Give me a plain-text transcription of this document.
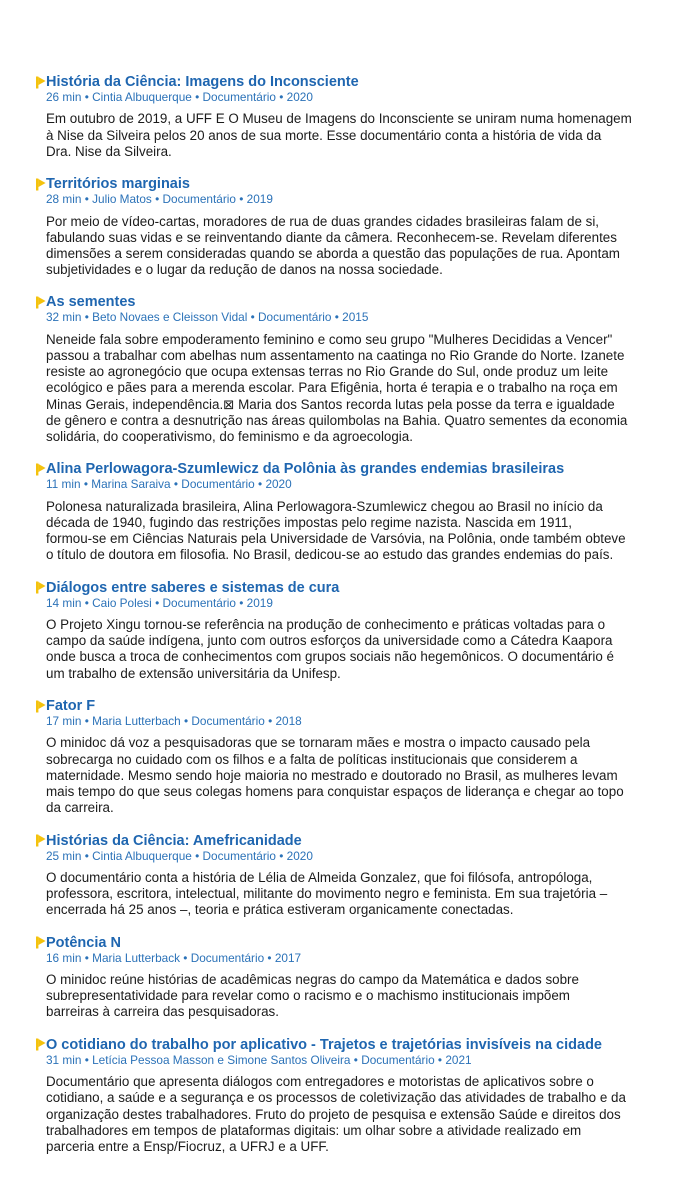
História da Ciência: Imagens do Inconsciente
26 min • Cintia Albuquerque • Documentário • 2020
Em outubro de 2019, a UFF E O Museu de Imagens do Inconsciente se uniram numa homenagem
à Nise da Silveira pelos 20 anos de sua morte. Esse documentário conta a história de vida da
Dra. Nise da Silveira.
Territórios marginais
28 min • Julio Matos • Documentário • 2019
Por meio de vídeo-cartas, moradores de rua de duas grandes cidades brasileiras falam de si,
fabulando suas vidas e se reinventando diante da câmera. Reconhecem-se. Revelam diferentes
dimensões a serem consideradas quando se aborda a questão das populações de rua. Apontam
subjetividades e o lugar da redução de danos na nossa sociedade.
As sementes
32 min • Beto Novaes e Cleisson Vidal • Documentário • 2015
Neneide fala sobre empoderamento feminino e como seu grupo "Mulheres Decididas a Vencer"
passou a trabalhar com abelhas num assentamento na caatinga no Rio Grande do Norte. Izanete
resiste ao agronegócio que ocupa extensas terras no Rio Grande do Sul, onde produz um leite
ecológico e pães para a merenda escolar. Para Efigênia, horta é terapia e o trabalho na roça em
Minas Gerais, independência.⊠ Maria dos Santos recorda lutas pela posse da terra e igualdade
de gênero e contra a desnutrição nas áreas quilombolas na Bahia. Quatro sementes da economia
solidária, do cooperativismo, do feminismo e da agroecologia.
Alina Perlowagora-Szumlewicz da Polônia às grandes endemias brasileiras
11 min • Marina Saraiva • Documentário • 2020
Polonesa naturalizada brasileira, Alina Perlowagora-Szumlewicz chegou ao Brasil no início da
década de 1940, fugindo das restrições impostas pelo regime nazista. Nascida em 1911,
formou-se em Ciências Naturais pela Universidade de Varsóvia, na Polônia, onde também obteve
o título de doutora em filosofia. No Brasil, dedicou-se ao estudo das grandes endemias do país.
Diálogos entre saberes e sistemas de cura
14 min • Caio Polesi • Documentário • 2019
O Projeto Xingu tornou-se referência na produção de conhecimento e práticas voltadas para o
campo da saúde indígena, junto com outros esforços da universidade como a Cátedra Kaapora
onde busca a troca de conhecimentos com grupos sociais não hegemônicos. O documentário é
um trabalho de extensão universitária da Unifesp.
Fator F
17 min • Maria Lutterbach • Documentário • 2018
O minidoc dá voz a pesquisadoras que se tornaram mães e mostra o impacto causado pela
sobrecarga no cuidado com os filhos e a falta de políticas institucionais que considerem a
maternidade. Mesmo sendo hoje maioria no mestrado e doutorado no Brasil, as mulheres levam
mais tempo do que seus colegas homens para conquistar espaços de liderança e chegar ao topo
da carreira.
Histórias da Ciência: Amefricanidade
25 min • Cintia Albuquerque • Documentário • 2020
O documentário conta a história de Lélia de Almeida Gonzalez, que foi filósofa, antropóloga,
professora, escritora, intelectual, militante do movimento negro e feminista. Em sua trajetória –
encerrada há 25 anos –, teoria e prática estiveram organicamente conectadas.
Potência N
16 min • Maria Lutterback • Documentário • 2017
O minidoc reúne histórias de acadêmicas negras do campo da Matemática e dados sobre
subrepresentatividade para revelar como o racismo e o machismo institucionais impõem
barreiras à carreira das pesquisadoras.
O cotidiano do trabalho por aplicativo - Trajetos e trajetórias invisíveis na cidade
31 min • Letícia Pessoa Masson e Simone Santos Oliveira • Documentário • 2021
Documentário que apresenta diálogos com entregadores e motoristas de aplicativos sobre o
cotidiano, a saúde e a segurança e os processos de coletivização das atividades de trabalho e da
organização destes trabalhadores. Fruto do projeto de pesquisa e extensão Saúde e direitos dos
trabalhadores em tempos de plataformas digitais: um olhar sobre a atividade realizado em
parceria entre a Ensp/Fiocruz, a UFRJ e a UFF.
